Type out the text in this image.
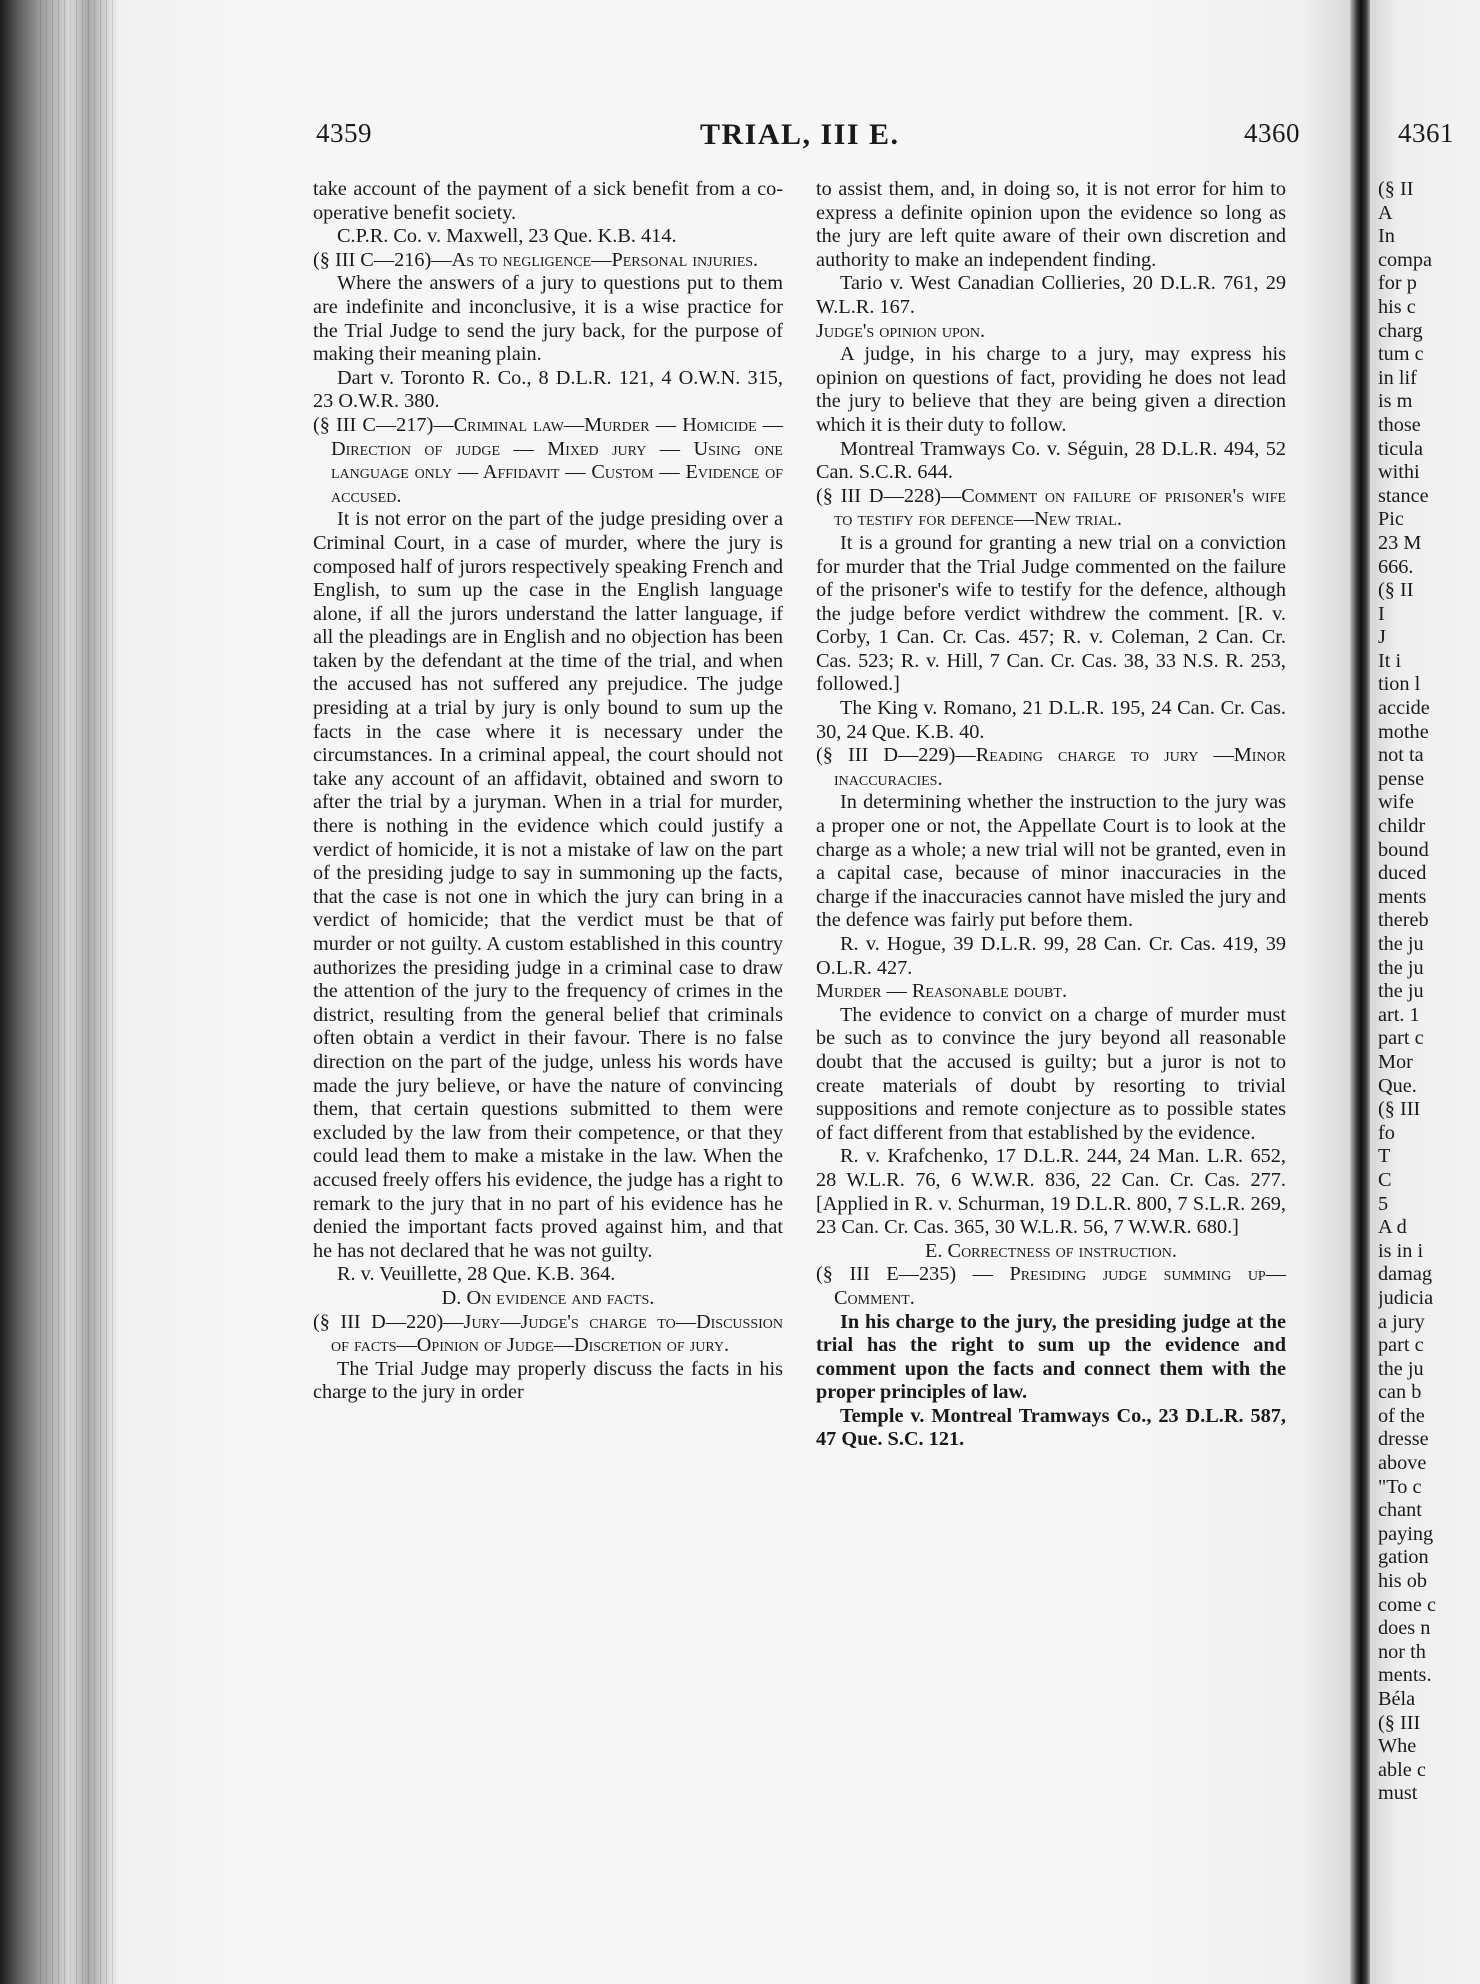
4359	TRIAL, III E.	4360	4361

take account of the payment of a sick benefit from a co-operative benefit society.

C.P.R. Co. v. Maxwell, 23 Que. K.B. 414.

(§ III C—216)—As to negligence—Personal injuries.

Where the answers of a jury to questions put to them are indefinite and inconclusive, it is a wise practice for the Trial Judge to send the jury back, for the purpose of making their meaning plain.

Dart v. Toronto R. Co., 8 D.L.R. 121, 4 O.W.N. 315, 23 O.W.R. 380.

(§ III C—217)—Criminal law—Murder — Homicide — Direction of judge — Mixed jury — Using one language only — Affidavit — Custom — Evidence of accused.

It is not error on the part of the judge presiding over a Criminal Court, in a case of murder, where the jury is composed half of jurors respectively speaking French and English, to sum up the case in the English language alone, if all the jurors understand the latter language, if all the pleadings are in English and no objection has been taken by the defendant at the time of the trial, and when the accused has not suffered any prejudice. The judge presiding at a trial by jury is only bound to sum up the facts in the case where it is necessary under the circumstances. In a criminal appeal, the court should not take any account of an affidavit, obtained and sworn to after the trial by a juryman. When in a trial for murder, there is nothing in the evidence which could justify a verdict of homicide, it is not a mistake of law on the part of the presiding judge to say in summoning up the facts, that the case is not one in which the jury can bring in a verdict of homicide; that the verdict must be that of murder or not guilty. A custom established in this country authorizes the presiding judge in a criminal case to draw the attention of the jury to the frequency of crimes in the district, resulting from the general belief that criminals often obtain a verdict in their favour. There is no false direction on the part of the judge, unless his words have made the jury believe, or have the nature of convincing them, that certain questions submitted to them were excluded by the law from their competence, or that they could lead them to make a mistake in the law. When the accused freely offers his evidence, the judge has a right to remark to the jury that in no part of his evidence has he denied the important facts proved against him, and that he has not declared that he was not guilty.

R. v. Veuillette, 28 Que. K.B. 364.

D. On evidence and facts.

(§ III D—220)—Jury—Judge's charge to—Discussion of facts—Opinion of Judge—Discretion of jury.

The Trial Judge may properly discuss the facts in his charge to the jury in order

to assist them, and, in doing so, it is not error for him to express a definite opinion upon the evidence so long as the jury are left quite aware of their own discretion and authority to make an independent finding.

Tario v. West Canadian Collieries, 20 D.L.R. 761, 29 W.L.R. 167.

Judge's opinion upon.

A judge, in his charge to a jury, may express his opinion on questions of fact, providing he does not lead the jury to believe that they are being given a direction which it is their duty to follow.

Montreal Tramways Co. v. Séguin, 28 D.L.R. 494, 52 Can. S.C.R. 644.

(§ III D—228)—Comment on failure of prisoner's wife to testify for defence—New trial.

It is a ground for granting a new trial on a conviction for murder that the Trial Judge commented on the failure of the prisoner's wife to testify for the defence, although the judge before verdict withdrew the comment. [R. v. Corby, 1 Can. Cr. Cas. 457; R. v. Coleman, 2 Can. Cr. Cas. 523; R. v. Hill, 7 Can. Cr. Cas. 38, 33 N.S. R. 253, followed.]

The King v. Romano, 21 D.L.R. 195, 24 Can. Cr. Cas. 30, 24 Que. K.B. 40.

(§ III D—229)—Reading charge to jury —Minor inaccuracies.

In determining whether the instruction to the jury was a proper one or not, the Appellate Court is to look at the charge as a whole; a new trial will not be granted, even in a capital case, because of minor inaccuracies in the charge if the inaccuracies cannot have misled the jury and the defence was fairly put before them.

R. v. Hogue, 39 D.L.R. 99, 28 Can. Cr. Cas. 419, 39 O.L.R. 427.

Murder — Reasonable doubt.

The evidence to convict on a charge of murder must be such as to convince the jury beyond all reasonable doubt that the accused is guilty; but a juror is not to create materials of doubt by resorting to trivial suppositions and remote conjecture as to possible states of fact different from that established by the evidence.

R. v. Krafchenko, 17 D.L.R. 244, 24 Man. L.R. 652, 28 W.L.R. 76, 6 W.W.R. 836, 22 Can. Cr. Cas. 277. [Applied in R. v. Schurman, 19 D.L.R. 800, 7 S.L.R. 269, 23 Can. Cr. Cas. 365, 30 W.L.R. 56, 7 W.W.R. 680.]

E. Correctness of instruction.

(§ III E—235) — Presiding judge summing up—Comment.

In his charge to the jury, the presiding judge at the trial has the right to sum up the evidence and comment upon the facts and connect them with the proper principles of law.

Temple v. Montreal Tramways Co., 23 D.L.R. 587, 47 Que. S.C. 121.

(§ II
A
In
compa
for p
his c
charg
tum c
in lif
is m
those
ticula
withi
stance
Pic
23 M
666.
(§ II
I
J
It i
tion l
accide
mothe
not ta
pense
wife
childr
bound
duced
ments
thereb
the ju
the ju
the ju
art. 1
part c
Mor
Que.
(§ III
fo
T
C
5
A d
is in i
damag
judicia
a jury
part c
the ju
can b
of the
dresse
above
"To c
chant
paying
gation
his ob
come c
does n
nor th
ments.
Béla
(§ III
Whe
able c
must
